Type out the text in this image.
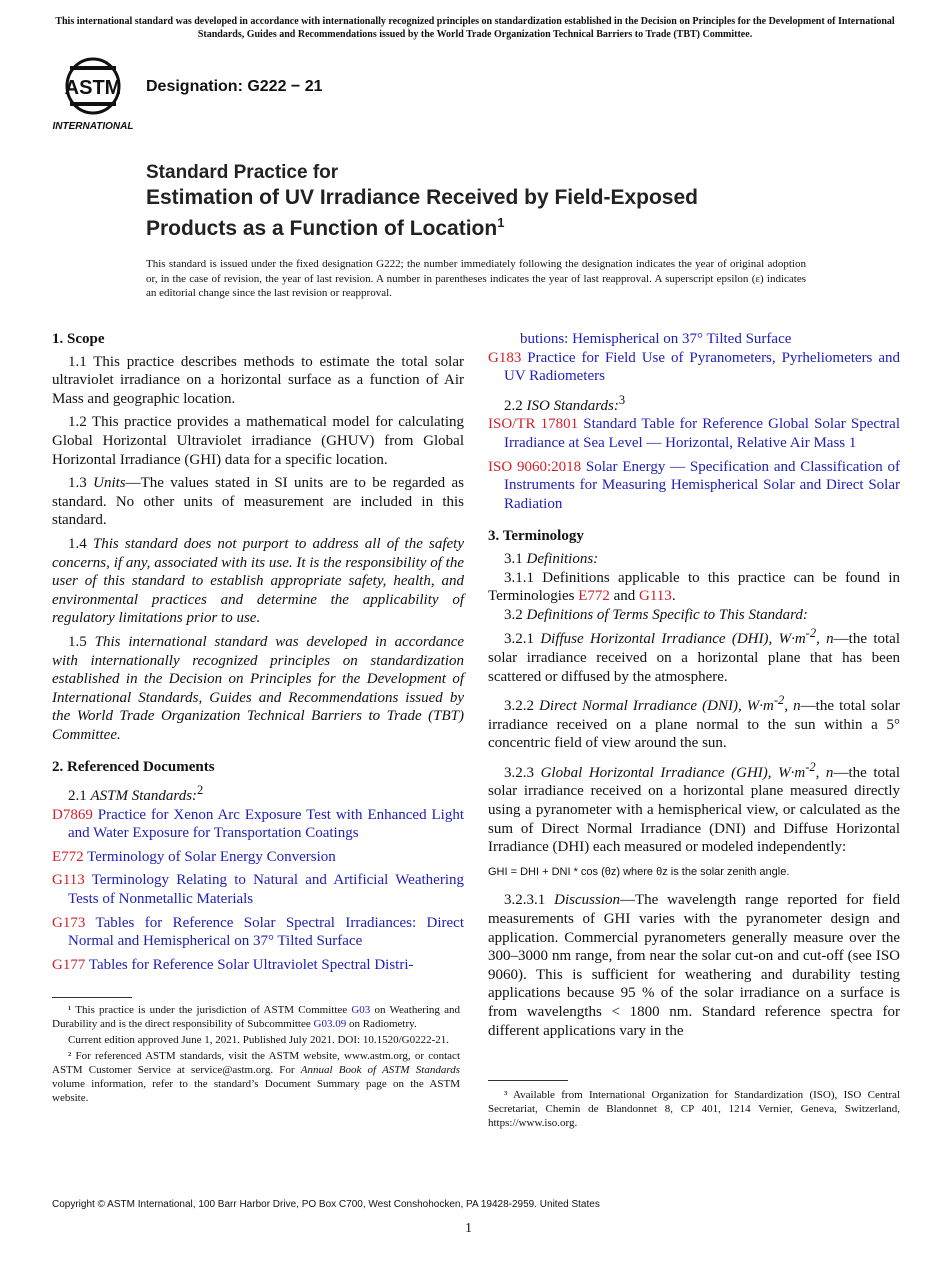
This international standard was developed in accordance with internationally recognized principles on standardization established in the Decision on Principles for the Development of International Standards, Guides and Recommendations issued by the World Trade Organization Technical Barriers to Trade (TBT) Committee.
ASTM
INTERNATIONAL
Designation: G222 − 21
Standard Practice for
Estimation of UV Irradiance Received by Field-Exposed
Products as a Function of Location$^1$
This standard is issued under the fixed designation G222; the number immediately following the designation indicates the year of original adoption or, in the case of revision, the year of last revision. A number in parentheses indicates the year of last reapproval. A superscript epsilon (ε) indicates an editorial change since the last revision or reapproval.
1. Scope

1.1 This practice describes methods to estimate the total solar ultraviolet irradiance on a horizontal surface as a function of Air Mass and geographic location.

1.2 This practice provides a mathematical model for calculating Global Horizontal Ultraviolet irradiance (GHUV) from Global Horizontal Irradiance (GHI) data for a specific location.

1.3 Units—The values stated in SI units are to be regarded as standard. No other units of measurement are included in this standard.

1.4 This standard does not purport to address all of the safety concerns, if any, associated with its use. It is the responsibility of the user of this standard to establish appropriate safety, health, and environmental practices and determine the applicability of regulatory limitations prior to use.

1.5 This international standard was developed in accordance with internationally recognized principles on standardization established in the Decision on Principles for the Development of International Standards, Guides and Recommendations issued by the World Trade Organization Technical Barriers to Trade (TBT) Committee.

2. Referenced Documents

2.1 ASTM Standards:$^2$

D7869 Practice for Xenon Arc Exposure Test with Enhanced Light and Water Exposure for Transportation Coatings

E772 Terminology of Solar Energy Conversion

G113 Terminology Relating to Natural and Artificial Weathering Tests of Nonmetallic Materials

G173 Tables for Reference Solar Spectral Irradiances: Direct Normal and Hemispherical on 37° Tilted Surface

G177 Tables for Reference Solar Ultraviolet Spectral Distri-

¹ This practice is under the jurisdiction of ASTM Committee G03 on Weathering and Durability and is the direct responsibility of Subcommittee G03.09 on Radiometry.

Current edition approved June 1, 2021. Published July 2021. DOI: 10.1520/G0222-21.

² For referenced ASTM standards, visit the ASTM website, www.astm.org, or contact ASTM Customer Service at service@astm.org. For Annual Book of ASTM Standards volume information, refer to the standard’s Document Summary page on the ASTM website.

butions: Hemispherical on 37° Tilted Surface

G183 Practice for Field Use of Pyranometers, Pyrheliometers and UV Radiometers

2.2 ISO Standards:$^3$

ISO/TR 17801 Standard Table for Reference Global Solar Spectral Irradiance at Sea Level — Horizontal, Relative Air Mass 1

ISO 9060:2018 Solar Energy — Specification and Classification of Instruments for Measuring Hemispherical Solar and Direct Solar Radiation

3. Terminology

3.1 Definitions:

3.1.1 Definitions applicable to this practice can be found in Terminologies E772 and G113.

3.2 Definitions of Terms Specific to This Standard:

3.2.1 Diffuse Horizontal Irradiance (DHI), $W\cdot m^{-2}$, n—the total solar irradiance received on a horizontal plane that has been scattered or diffused by the atmosphere.

3.2.2 Direct Normal Irradiance (DNI), $W\cdot m^{-2}$, n—the total solar irradiance received on a plane normal to the sun within a 5° concentric field of view around the sun.

3.2.3 Global Horizontal Irradiance (GHI), $W\cdot m^{-2}$, n—the total solar irradiance received on a horizontal plane measured directly using a pyranometer with a hemispherical view, or calculated as the sum of Direct Normal Irradiance (DNI) and Diffuse Horizontal Irradiance (DHI) each measured or modeled independently:

GHI = DHI + DNI * cos (θz) where θz is the solar zenith angle.

3.2.3.1 Discussion—The wavelength range reported for field measurements of GHI varies with the pyranometer design and application. Commercial pyranometers generally measure over the 300–3000 nm range, from near the solar cut-on and cut-off (see ISO 9060). This is sufficient for weathering and durability testing applications because 95 % of the solar irradiance on a surface is from wavelengths < 1800 nm. Standard reference spectra for different applications vary in the

³ Available from International Organization for Standardization (ISO), ISO Central Secretariat, Chemin de Blandonnet 8, CP 401, 1214 Vernier, Geneva, Switzerland, https://www.iso.org.

Copyright © ASTM International, 100 Barr Harbor Drive, PO Box C700, West Conshohocken, PA 19428-2959. United States
1
